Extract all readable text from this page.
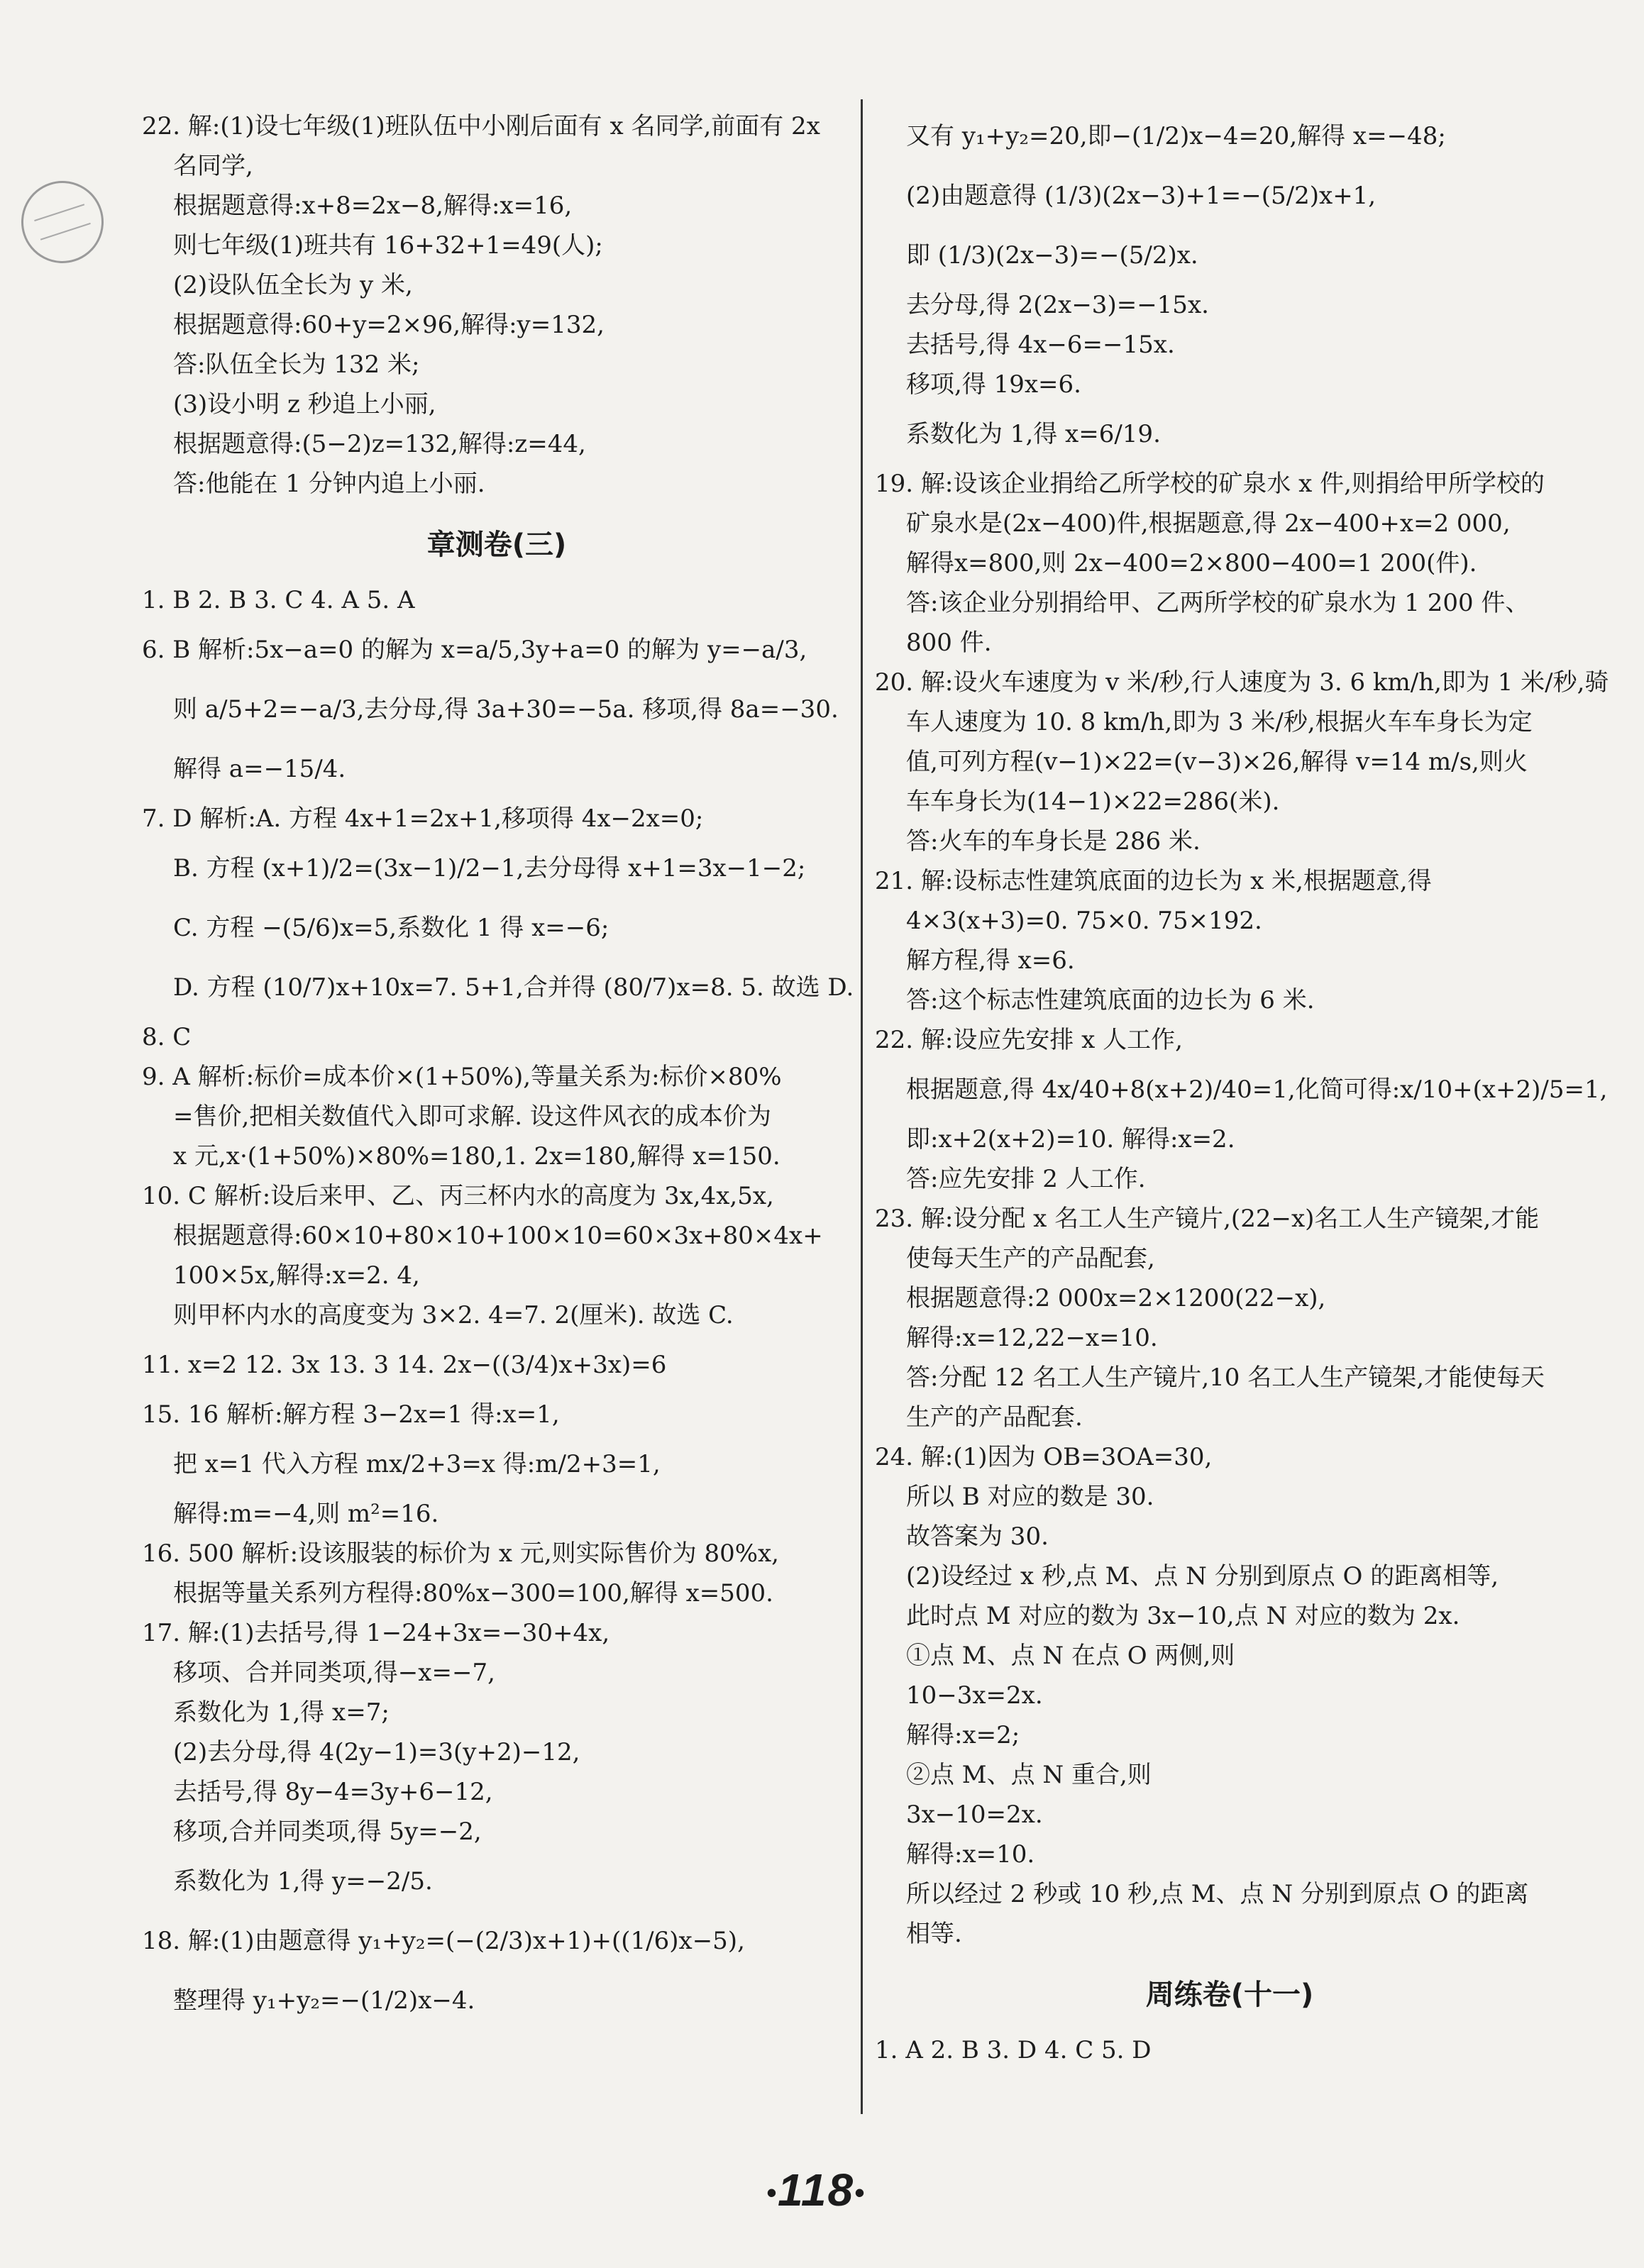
22. 解:(1)设七年级(1)班队伍中小刚后面有 x 名同学,前面有 2x
名同学,
根据题意得:x+8=2x−8,解得:x=16,
则七年级(1)班共有 16+32+1=49(人);
(2)设队伍全长为 y 米,
根据题意得:60+y=2×96,解得:y=132,
答:队伍全长为 132 米;
(3)设小明 z 秒追上小丽,
根据题意得:(5−2)z=132,解得:z=44,
答:他能在 1 分钟内追上小丽.
章测卷(三)
1. B 2. B 3. C 4. A 5. A
6. B 解析:5x−a=0 的解为 x=a/5,3y+a=0 的解为 y=−a/3,
则 a/5+2=−a/3,去分母,得 3a+30=−5a. 移项,得 8a=−30.
解得 a=−15/4.
7. D 解析:A. 方程 4x+1=2x+1,移项得 4x−2x=0;
B. 方程 (x+1)/2=(3x−1)/2−1,去分母得 x+1=3x−1−2;
C. 方程 −(5/6)x=5,系数化 1 得 x=−6;
D. 方程 (10/7)x+10x=7. 5+1,合并得 (80/7)x=8. 5. 故选 D.
8. C
9. A 解析:标价=成本价×(1+50%),等量关系为:标价×80%
=售价,把相关数值代入即可求解. 设这件风衣的成本价为
x 元,x·(1+50%)×80%=180,1. 2x=180,解得 x=150.
10. C 解析:设后来甲、乙、丙三杯内水的高度为 3x,4x,5x,
根据题意得:60×10+80×10+100×10=60×3x+80×4x+
100×5x,解得:x=2. 4,
则甲杯内水的高度变为 3×2. 4=7. 2(厘米). 故选 C.
11. x=2 12. 3x 13. 3 14. 2x−((3/4)x+3x)=6
15. 16 解析:解方程 3−2x=1 得:x=1,
把 x=1 代入方程 mx/2+3=x 得:m/2+3=1,
解得:m=−4,则 m²=16.
16. 500 解析:设该服装的标价为 x 元,则实际售价为 80%x,
根据等量关系列方程得:80%x−300=100,解得 x=500.
17. 解:(1)去括号,得 1−24+3x=−30+4x,
移项、合并同类项,得−x=−7,
系数化为 1,得 x=7;
(2)去分母,得 4(2y−1)=3(y+2)−12,
去括号,得 8y−4=3y+6−12,
移项,合并同类项,得 5y=−2,
系数化为 1,得 y=−2/5.
18. 解:(1)由题意得 y₁+y₂=(−(2/3)x+1)+((1/6)x−5),
整理得 y₁+y₂=−(1/2)x−4.
又有 y₁+y₂=20,即−(1/2)x−4=20,解得 x=−48;
(2)由题意得 (1/3)(2x−3)+1=−(5/2)x+1,
即 (1/3)(2x−3)=−(5/2)x.
去分母,得 2(2x−3)=−15x.
去括号,得 4x−6=−15x.
移项,得 19x=6.
系数化为 1,得 x=6/19.
19. 解:设该企业捐给乙所学校的矿泉水 x 件,则捐给甲所学校的
矿泉水是(2x−400)件,根据题意,得 2x−400+x=2 000,
解得x=800,则 2x−400=2×800−400=1 200(件).
答:该企业分别捐给甲、乙两所学校的矿泉水为 1 200 件、
800 件.
20. 解:设火车速度为 v 米/秒,行人速度为 3. 6 km/h,即为 1 米/秒,骑
车人速度为 10. 8 km/h,即为 3 米/秒,根据火车车身长为定
值,可列方程(v−1)×22=(v−3)×26,解得 v=14 m/s,则火
车车身长为(14−1)×22=286(米).
答:火车的车身长是 286 米.
21. 解:设标志性建筑底面的边长为 x 米,根据题意,得
4×3(x+3)=0. 75×0. 75×192.
解方程,得 x=6.
答:这个标志性建筑底面的边长为 6 米.
22. 解:设应先安排 x 人工作,
根据题意,得 4x/40+8(x+2)/40=1,化简可得:x/10+(x+2)/5=1,
即:x+2(x+2)=10. 解得:x=2.
答:应先安排 2 人工作.
23. 解:设分配 x 名工人生产镜片,(22−x)名工人生产镜架,才能
使每天生产的产品配套,
根据题意得:2 000x=2×1200(22−x),
解得:x=12,22−x=10.
答:分配 12 名工人生产镜片,10 名工人生产镜架,才能使每天
生产的产品配套.
24. 解:(1)因为 OB=3OA=30,
所以 B 对应的数是 30.
故答案为 30.
(2)设经过 x 秒,点 M、点 N 分别到原点 O 的距离相等,
此时点 M 对应的数为 3x−10,点 N 对应的数为 2x.
①点 M、点 N 在点 O 两侧,则
10−3x=2x.
解得:x=2;
②点 M、点 N 重合,则
3x−10=2x.
解得:x=10.
所以经过 2 秒或 10 秒,点 M、点 N 分别到原点 O 的距离
相等.
周练卷(十一)
1. A 2. B 3. D 4. C 5. D
•118•
